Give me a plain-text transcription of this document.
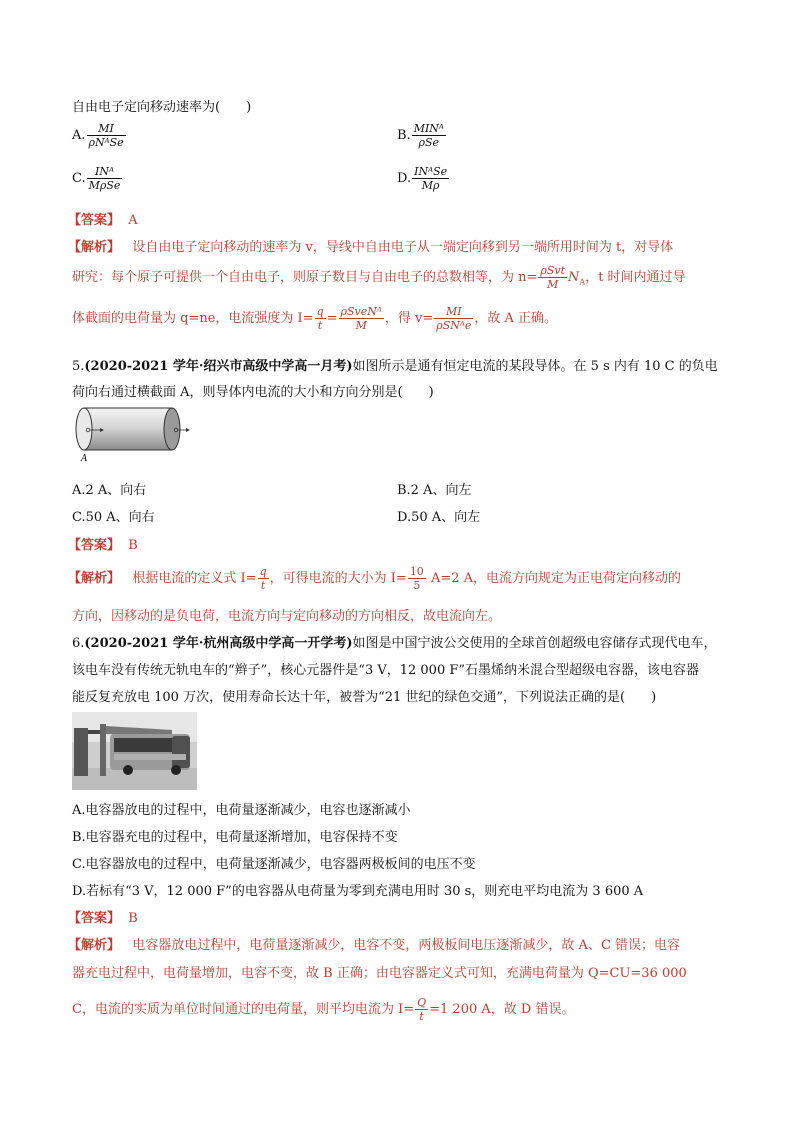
自由电子定向移动速率为(　　)
A. $\frac{MI}{\text{ρNᴬSe}}$	B. $\frac{\text{MINᴬ}}{\text{ρSe}}$
C. $\frac{\text{INᴬ}}{\text{MρSe}}$	D. $\frac{\text{INᴬSe}}{M\rho}$
【答案】 A
【解析】 设自由电子定向移动的速率为 v，导线中自由电子从一端定向移到另一端所用时间为 t，对导体
研究：每个原子可提供一个自由电子，则原子数目与自由电子的总数相等，为 $n= \frac{\text{ρSvt}}{M} N_A$，t 时间内通过导
体截面的电荷量为 q=ne，电流强度为 $I= \frac{q}{t} = \frac{\text{ρSveNᴬ}}{M}$ ，得 $v= \frac{MI}{\text{ρSNᴬe}}$ ，故 A 正确。
5.(2020-2021 学年·绍兴市高级中学高一月考)如图所示是通有恒定电流的某段导体。在 5 s 内有 10 C 的负电
荷向右通过横截面 A，则导体内电流的大小和方向分别是(　　)
A
A.2 A、向右	B.2 A、向左
C.50 A、向右	D.50 A、向左
【答案】 B
【解析】 根据电流的定义式 $I= \frac{q}{t}$ ，可得电流的大小为 $I= \frac{10}{5} A=2$ A，电流方向规定为正电荷定向移动的
方向，因移动的是负电荷，电流方向与定向移动的方向相反，故电流向左。
6.(2020-2021 学年·杭州高级中学高一开学考)如图是中国宁波公交使用的全球首创超级电容储存式现代电车，
该电车没有传统无轨电车的“辫子”，核心元器件是“3 V，12 000 F”石墨烯纳米混合型超级电容器，该电容器
能反复充放电 100 万次，使用寿命长达十年，被誉为“21 世纪的绿色交通”，下列说法正确的是(　　)
A.电容器放电的过程中，电荷量逐渐减少，电容也逐渐减小
B.电容器充电的过程中，电荷量逐渐增加，电容保持不变
C.电容器放电的过程中，电荷量逐渐减少，电容器两极板间的电压不变
D.若标有“3 V，12 000 F”的电容器从电荷量为零到充满电用时 30 s，则充电平均电流为 3 600 A
【答案】 B
【解析】 电容器放电过程中，电荷量逐渐减少，电容不变，两极板间电压逐渐减少，故 A、C 错误；电容
器充电过程中，电荷量增加，电容不变，故 B 正确；由电容器定义式可知，充满电荷量为 Q=CU=36 000
C，电流的实质为单位时间通过的电荷量，则平均电流为 $I= \frac{Q}{t} =1$ 200 A，故 D 错误。
